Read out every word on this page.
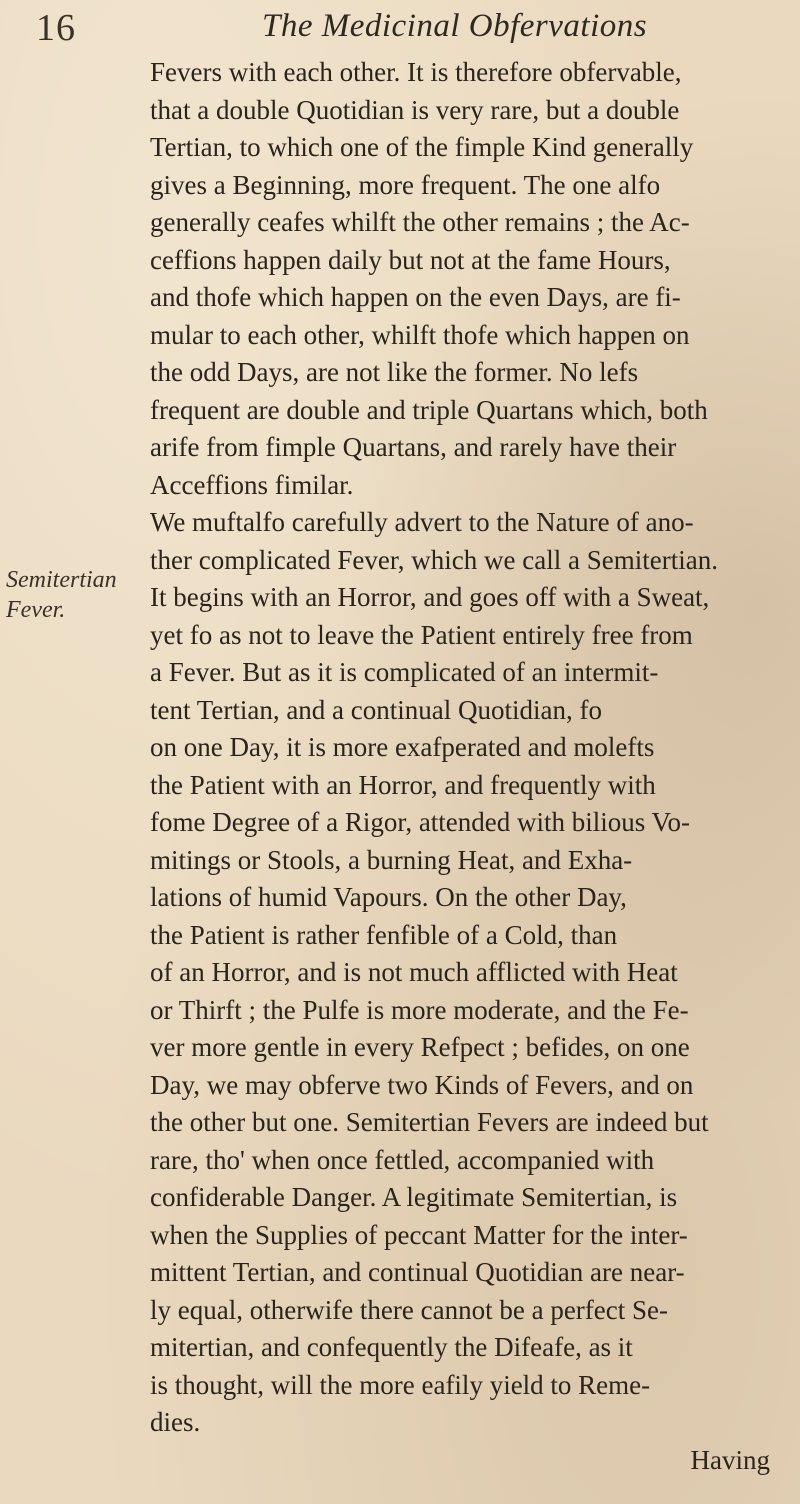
16	The Medicinal Obfervations
Semitertian
Fever.
Fevers with each other. It is therefore obfervable,
that a double Quotidian is very rare, but a double
Tertian, to which one of the fimple Kind generally
gives a Beginning, more frequent. The one alfo
generally ceafes whilft the other remains ; the Ac-
ceffions happen daily but not at the fame Hours,
and thofe which happen on the even Days, are fi-
mular to each other, whilft thofe which happen on
the odd Days, are not like the former. No lefs
frequent are double and triple Quartans which, both
arife from fimple Quartans, and rarely have their
Acceffions fimilar.
We muftalfo carefully advert to the Nature of ano-
ther complicated Fever, which we call a Semitertian.
It begins with an Horror, and goes off with a Sweat,
yet fo as not to leave the Patient entirely free from
a Fever. But as it is complicated of an intermit-
tent Tertian, and a continual Quotidian, fo
on one Day, it is more exafperated and molefts
the Patient with an Horror, and frequently with
fome Degree of a Rigor, attended with bilious Vo-
mitings or Stools, a burning Heat, and Exha-
lations of humid Vapours. On the other Day,
the Patient is rather fenfible of a Cold, than
of an Horror, and is not much afflicted with Heat
or Thirft ; the Pulfe is more moderate, and the Fe-
ver more gentle in every Refpect ; befides, on one
Day, we may obferve two Kinds of Fevers, and on
the other but one. Semitertian Fevers are indeed but
rare, tho' when once fettled, accompanied with
confiderable Danger. A legitimate Semitertian, is
when the Supplies of peccant Matter for the inter-
mittent Tertian, and continual Quotidian are near-
ly equal, otherwife there cannot be a perfect Se-
mitertian, and confequently the Difeafe, as it
is thought, will the more eafily yield to Reme-
dies.
Having
